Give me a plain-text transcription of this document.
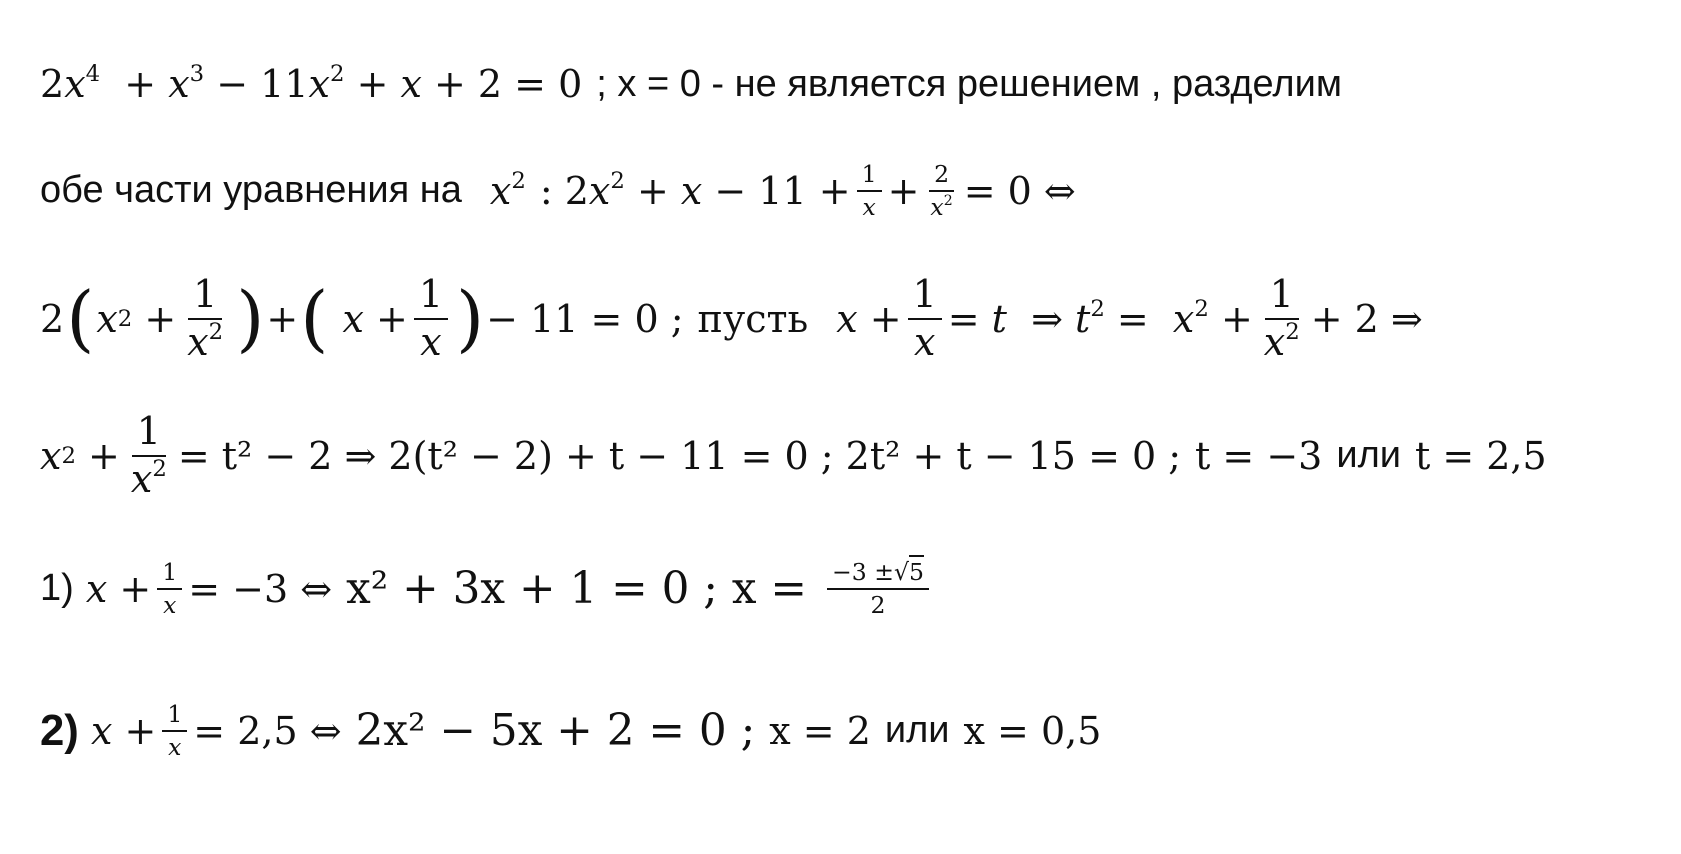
$2x^4 + x^3 - 11x^2 + x + 2 = 0$ ; x = 0 - не является решением , разделим
обе части уравнения на $x^2$ : $2x^2 + x - 11 + \frac{1}{x} + \frac{2}{x^2} = 0$ ⇔
2 ( x $2 + \frac{1}{x^2}$ ) + ( $x + \frac{1}{x}$ ) − 11 = 0 ; пусть $x + \frac{1}{x} = t$  ⇒ $t^2 = x^2 + \frac{1}{x^2} + 2$ ⇒
x $2 + \frac{1}{x^2} = t^2 - 2$ ⇒ 2(t² − 2) + t − 11 = 0 ; 2t² + t − 15 = 0 ; t = −3 или t = 2,5
1)
$x + \frac{1}{x} = -3$ ⇔ x² + 3x + 1 = 0 ; $x = \frac{-3 \pm√5}{2}$
2)
$x + \frac{1}{x} = 2,5$ ⇔ 2x² − 5x + 2 = 0 ; x = 2 или x = 0,5
